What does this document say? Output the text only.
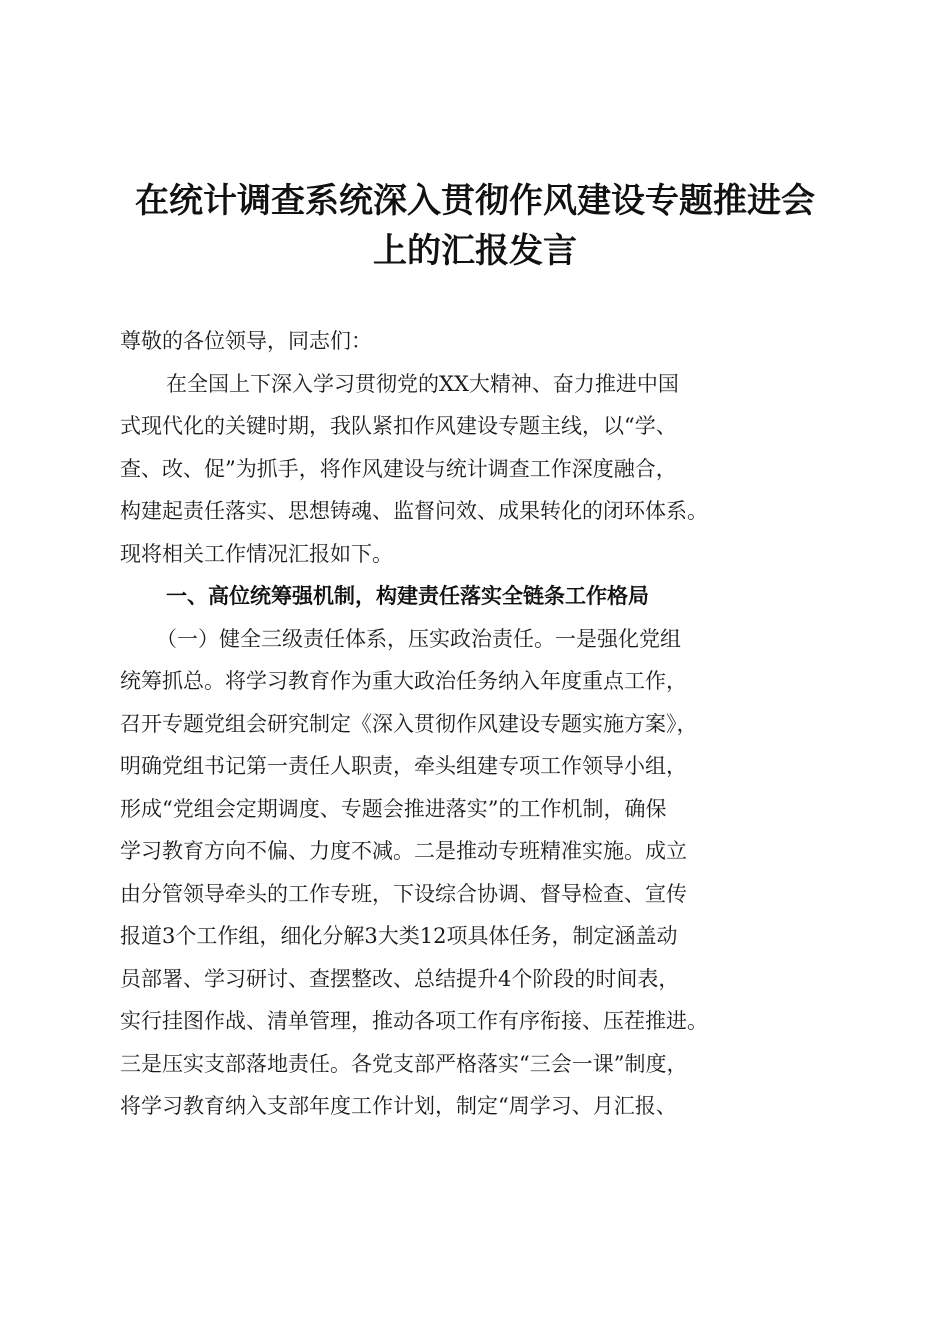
在统计调查系统深入贯彻作风建设专题推进会
上的汇报发言
尊敬的各位领导，同志们：
在全国上下深入学习贯彻党的XX大精神、奋力推进中国
式现代化的关键时期，我队紧扣作风建设专题主线，以“学、
查、改、促”为抓手，将作风建设与统计调查工作深度融合，
构建起责任落实、思想铸魂、监督问效、成果转化的闭环体系。
现将相关工作情况汇报如下。
一、高位统筹强机制，构建责任落实全链条工作格局
（一）健全三级责任体系，压实政治责任。一是强化党组
统筹抓总。将学习教育作为重大政治任务纳入年度重点工作，
召开专题党组会研究制定《深入贯彻作风建设专题实施方案》，
明确党组书记第一责任人职责，牵头组建专项工作领导小组，
形成“党组会定期调度、专题会推进落实”的工作机制，确保
学习教育方向不偏、力度不减。二是推动专班精准实施。成立
由分管领导牵头的工作专班，下设综合协调、督导检查、宣传
报道3个工作组，细化分解3大类12项具体任务，制定涵盖动
员部署、学习研讨、查摆整改、总结提升4个阶段的时间表，
实行挂图作战、清单管理，推动各项工作有序衔接、压茬推进。
三是压实支部落地责任。各党支部严格落实“三会一课”制度，
将学习教育纳入支部年度工作计划，制定“周学习、月汇报、
